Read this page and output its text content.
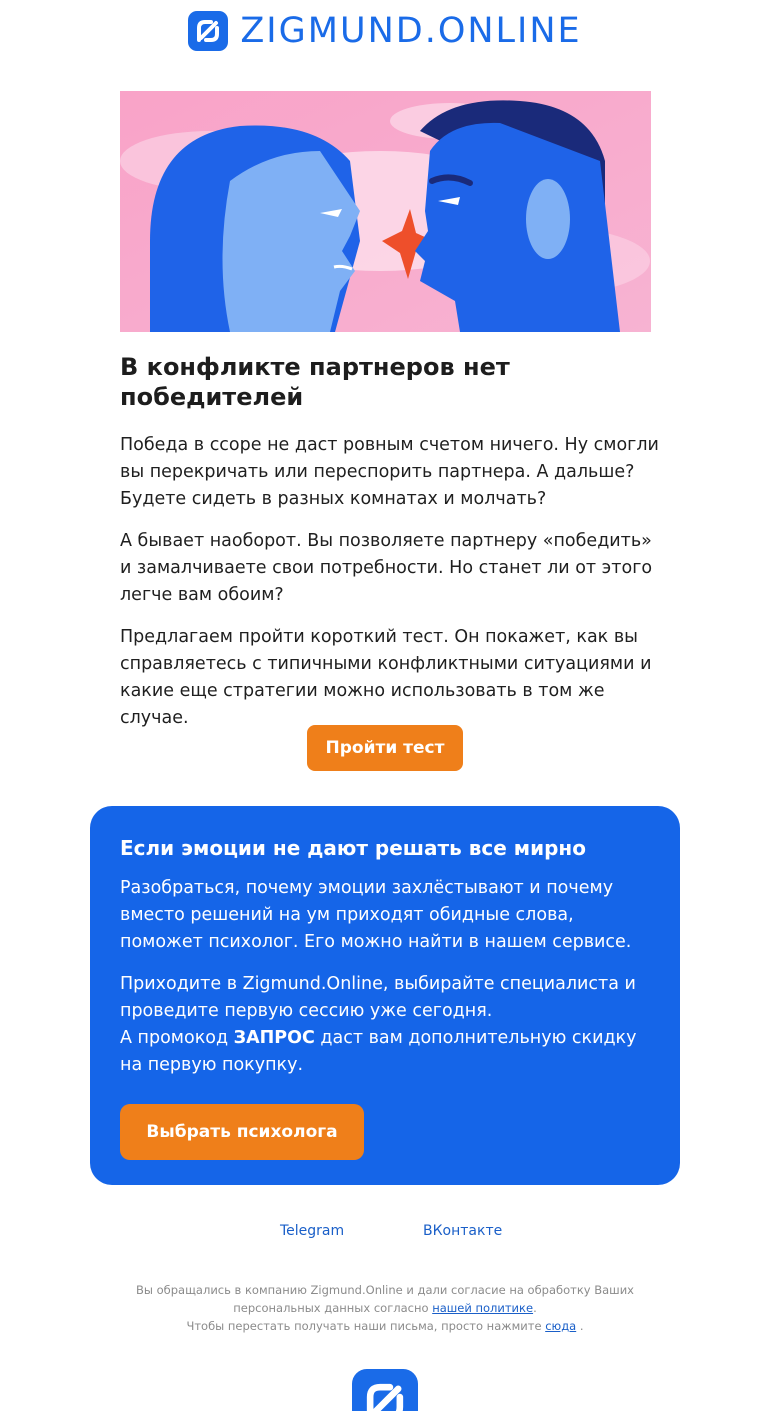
ZIGMUND.ONLINE
В конфликте партнеров нет победителей

Победа в ссоре не даст ровным счетом ничего. Ну смогли вы перекричать или переспорить партнера. А дальше? Будете сидеть в разных комнатах и молчать?

А бывает наоборот. Вы позволяете партнеру «победить» и замалчиваете свои потребности. Но станет ли от этого легче вам обоим?

Предлагаем пройти короткий тест. Он покажет, как вы справляетесь с типичными конфликтными ситуациями и какие еще стратегии можно использовать в том же случае.

Пройти тест
Если эмоции не дают решать все мирно

Разобраться, почему эмоции захлёстывают и почему вместо решений на ум приходят обидные слова, поможет психолог. Его можно найти в нашем сервисе.

Приходите в Zigmund.Online, выбирайте специалиста и проведите первую сессию уже сегодня.

А промокод ЗАПРОС даст вам дополнительную скидку на первую покупку.

Выбрать психолога
Telegram	ВКонтакте
Вы обращались в компанию Zigmund.Online и дали согласие на обработку Ваших персональных данных согласно нашей политике.
Чтобы перестать получать наши письма, просто нажмите сюда .
